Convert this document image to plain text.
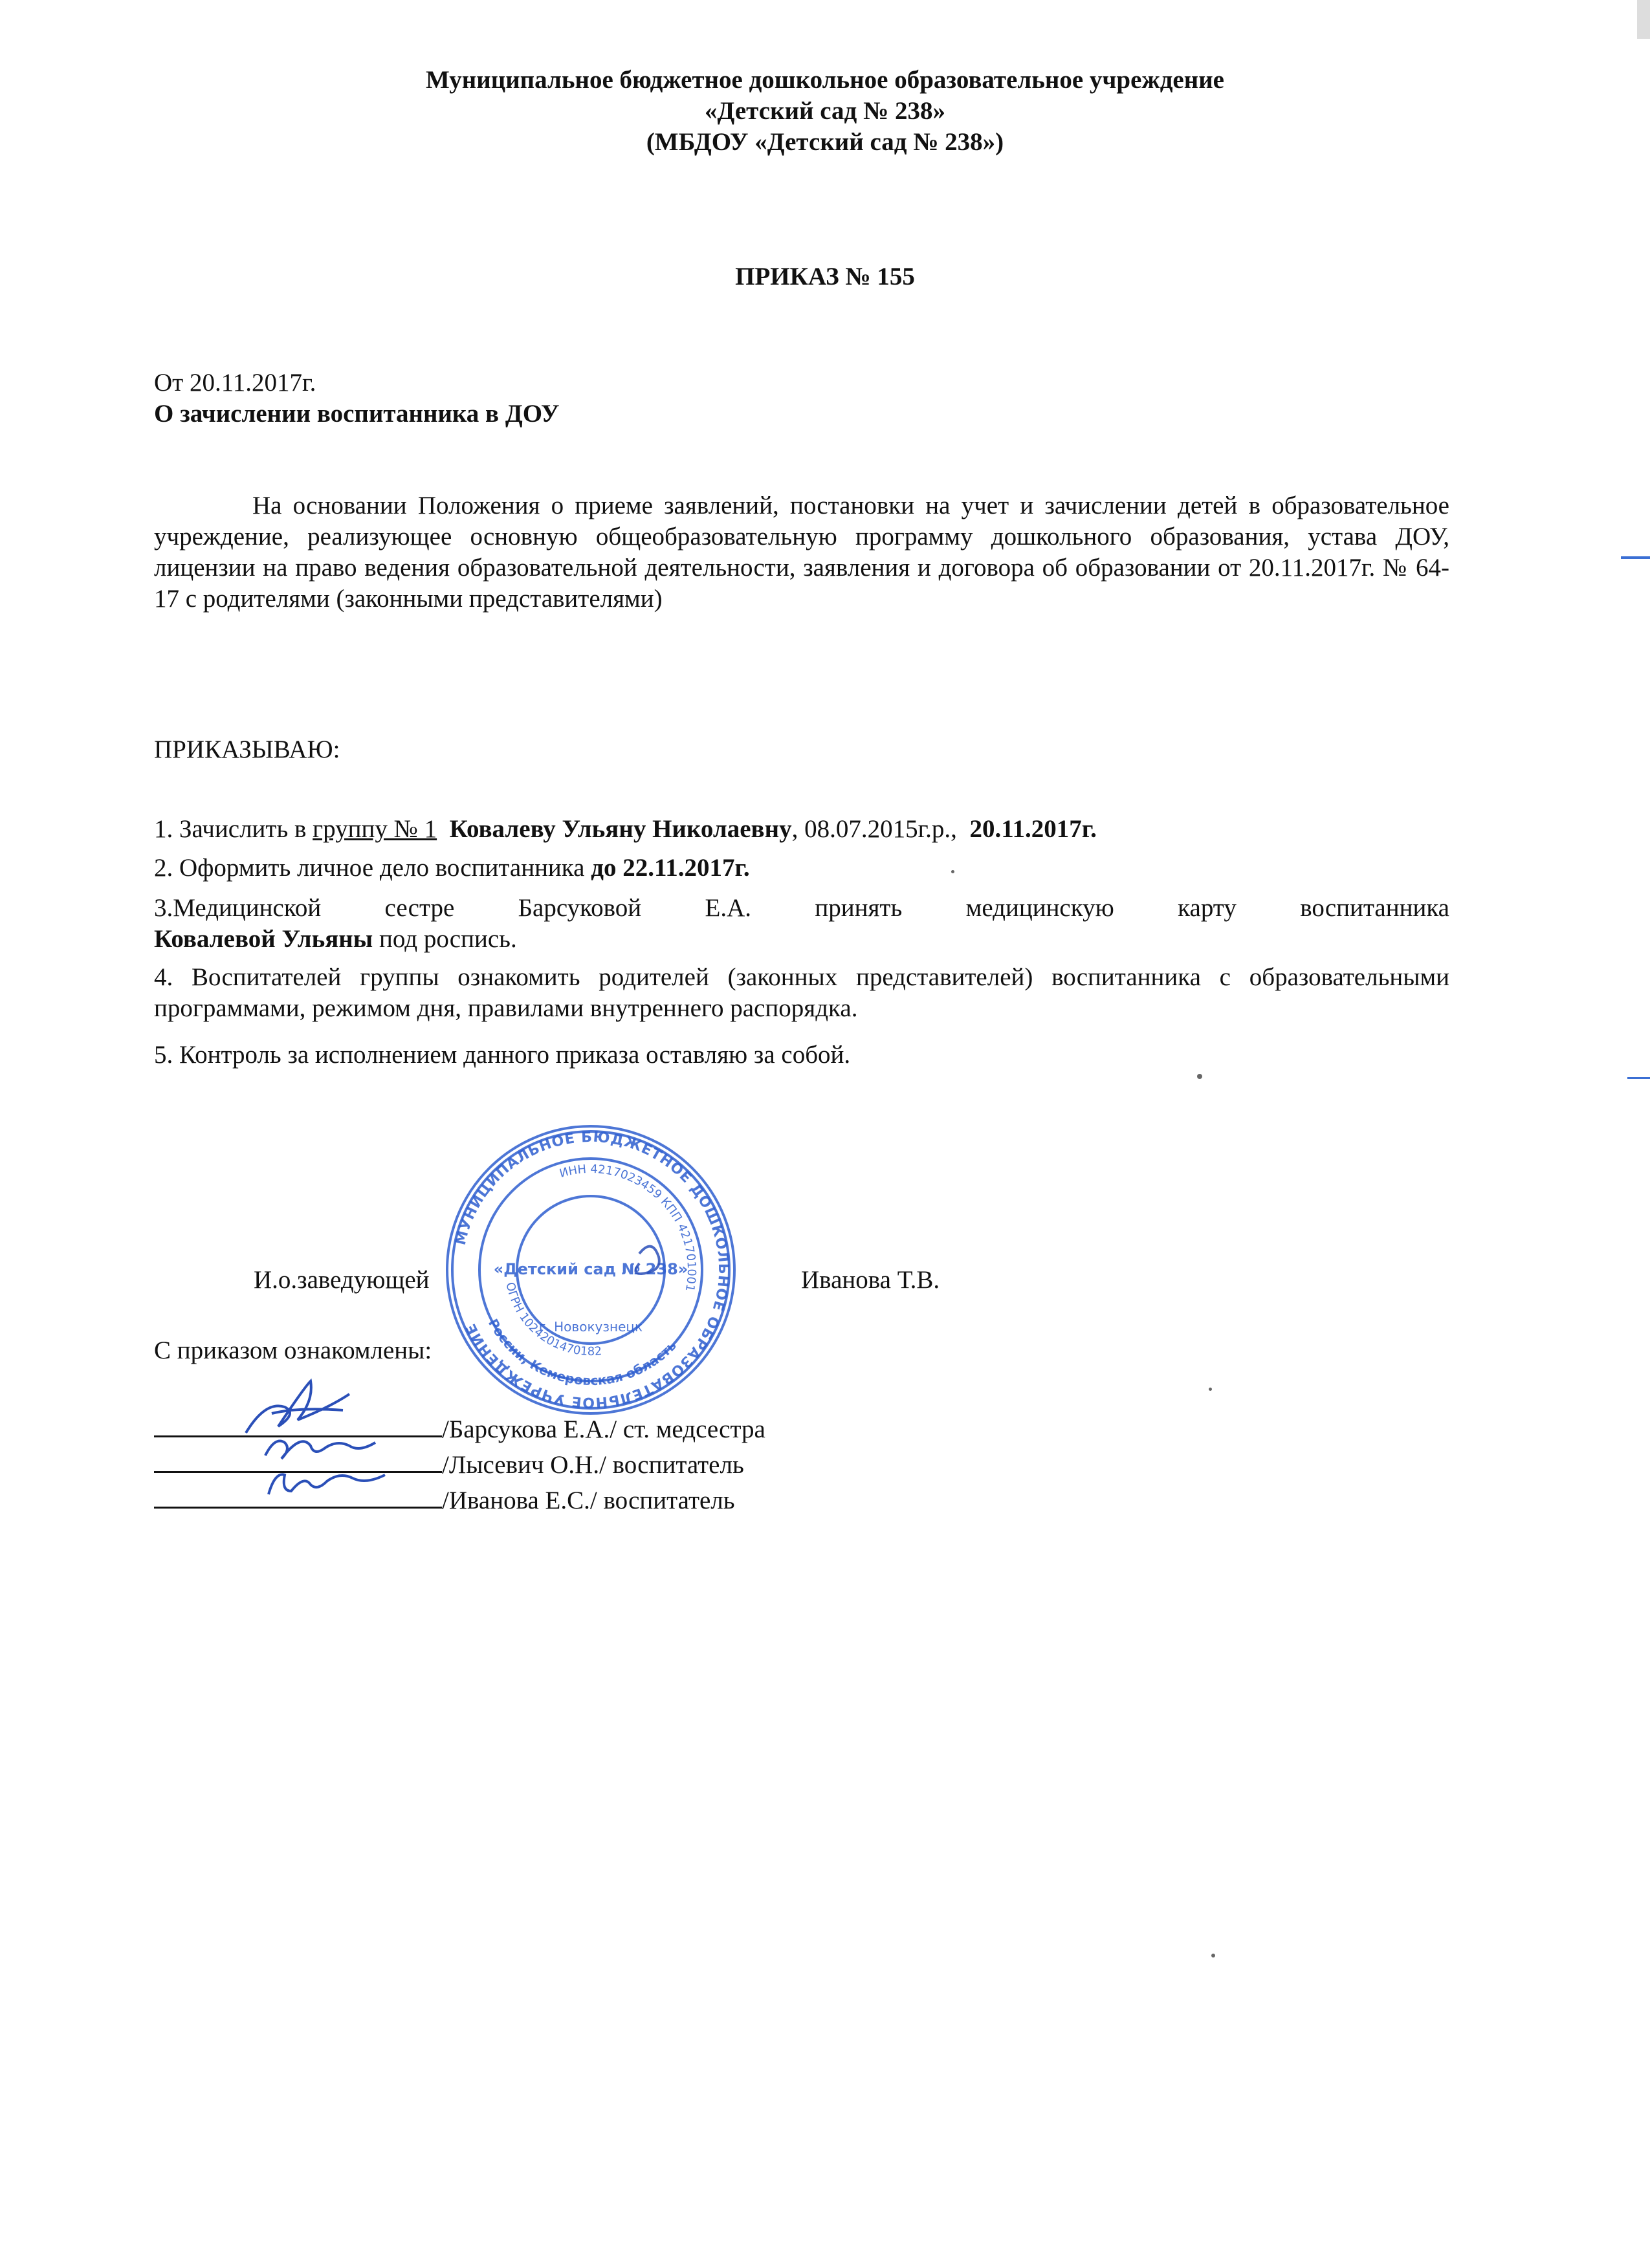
Муниципальное бюджетное дошкольное образовательное учреждение
«Детский сад № 238»
(МБДОУ «Детский сад № 238»)
ПРИКАЗ № 155
От 20.11.2017г.
О зачислении воспитанника в ДОУ
На основании Положения о приеме заявлений, постановки на учет и зачислении детей в образовательное учреждение, реализующее основную общеобразовательную программу дошкольного образования, устава ДОУ, лицензии на право ведения образовательной деятельности, заявления и договора об образовании от 20.11.2017г. № 64-17 с родителями (законными представителями)
ПРИКАЗЫВАЮ:
1. Зачислить в группу № 1 Ковалеву Ульяну Николаевну, 08.07.2015г.р., 20.11.2017г.
2. Оформить личное дело воспитанника до 22.11.2017г.
3.Медицинской сестре Барсуковой Е.А. принять медицинскую карту воспитанника
Ковалевой Ульяны под роспись.
4. Воспитателей группы ознакомить родителей (законных представителей) воспитанника с образовательными программами, режимом дня, правилами внутреннего распорядка.
5. Контроль за исполнением данного приказа оставляю за собой.
МУНИЦИПАЛЬНОЕ БЮДЖЕТНОЕ ДОШКОЛЬНОЕ ОБРАЗОВАТЕЛЬНОЕ УЧРЕЖДЕНИЕ
ИНН 4217023459 КПП 421701001
России, Кемеровская область
ОГРН 1024201470182
г. Новокузнецк
«Детский сад № 238»
И.о.заведующей	Иванова Т.В.
С приказом ознакомлены:
/Барсукова Е.А./ ст. медсестра
/Лысевич О.Н./ воспитатель
/Иванова Е.С./ воспитатель
